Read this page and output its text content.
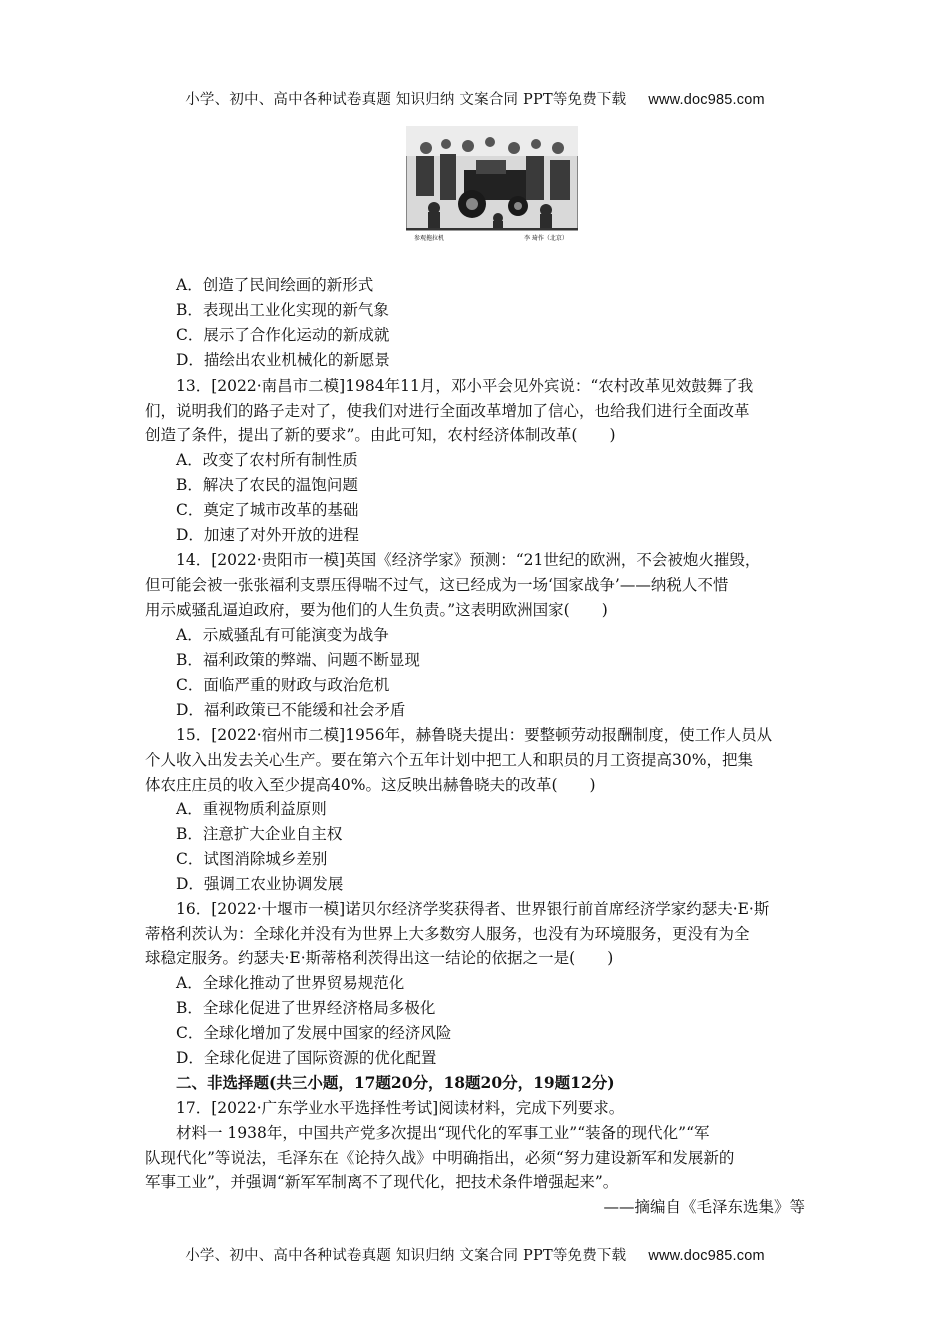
小学、初中、高中各种试卷真题 知识归纳 文案合同 PPT等免费下载 www.doc985.com
参观拖拉机	李 琦作（北京）
A．创造了民间绘画的新形式
B．表现出工业化实现的新气象
C．展示了合作化运动的新成就
D．描绘出农业机械化的新愿景
13．[2022·南昌市二模]1984年11月，邓小平会见外宾说：“农村改革见效鼓舞了我
们，说明我们的路子走对了，使我们对进行全面改革增加了信心，也给我们进行全面改革
创造了条件，提出了新的要求”。由此可知，农村经济体制改革( )
A．改变了农村所有制性质
B．解决了农民的温饱问题
C．奠定了城市改革的基础
D．加速了对外开放的进程
14．[2022·贵阳市一模]英国《经济学家》预测：“21世纪的欧洲，不会被炮火摧毁，
但可能会被一张张福利支票压得喘不过气，这已经成为一场‘国家战争’——纳税人不惜
用示威骚乱逼迫政府，要为他们的人生负责。”这表明欧洲国家( )
A．示威骚乱有可能演变为战争
B．福利政策的弊端、问题不断显现
C．面临严重的财政与政治危机
D．福利政策已不能缓和社会矛盾
15．[2022·宿州市二模]1956年，赫鲁晓夫提出：要整顿劳动报酬制度，使工作人员从
个人收入出发去关心生产。要在第六个五年计划中把工人和职员的月工资提高30%，把集
体农庄庄员的收入至少提高40%。这反映出赫鲁晓夫的改革( )
A．重视物质利益原则
B．注意扩大企业自主权
C．试图消除城乡差别
D．强调工农业协调发展
16．[2022·十堰市一模]诺贝尔经济学奖获得者、世界银行前首席经济学家约瑟夫·E·斯
蒂格利茨认为：全球化并没有为世界上大多数穷人服务，也没有为环境服务，更没有为全
球稳定服务。约瑟夫·E·斯蒂格利茨得出这一结论的依据之一是( )
A．全球化推动了世界贸易规范化
B．全球化促进了世界经济格局多极化
C．全球化增加了发展中国家的经济风险
D．全球化促进了国际资源的优化配置
二、非选择题(共三小题，17题20分，18题20分，19题12分)
17．[2022·广东学业水平选择性考试]阅读材料，完成下列要求。
材料一 1938年，中国共产党多次提出“现代化的军事工业”“装备的现代化”“军
队现代化”等说法，毛泽东在《论持久战》中明确指出，必须“努力建设新军和发展新的
军事工业”，并强调“新军军制离不了现代化，把技术条件增强起来”。
——摘编自《毛泽东选集》等
小学、初中、高中各种试卷真题 知识归纳 文案合同 PPT等免费下载 www.doc985.com
